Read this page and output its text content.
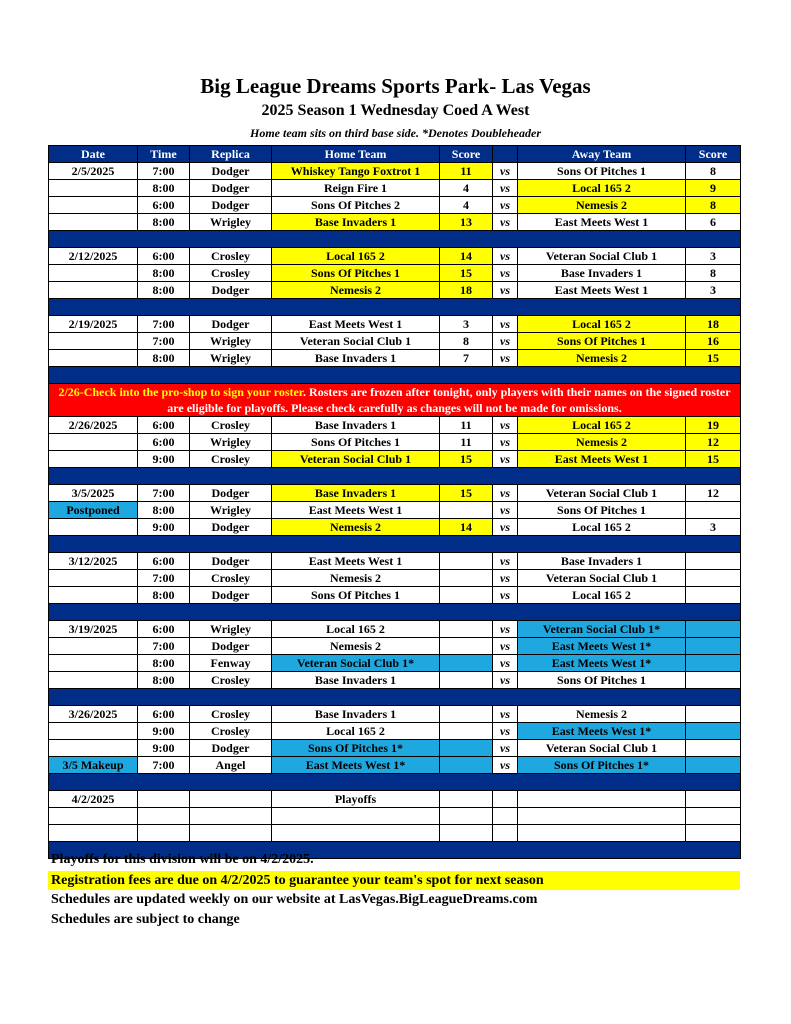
Big League Dreams Sports Park- Las Vegas
2025 Season 1 Wednesday Coed A West
Home team sits on third base side. *Denotes Doubleheader
Date	Time	Replica	Home Team	Score		Away Team	Score
2/5/2025	7:00	Dodger	Whiskey Tango Foxtrot 1	11	vs	Sons Of Pitches 1	8
	8:00	Dodger	Reign Fire 1	4	vs	Local 165 2	9
	6:00	Dodger	Sons Of Pitches 2	4	vs	Nemesis 2	8
	8:00	Wrigley	Base Invaders 1	13	vs	East Meets West 1	6

2/12/2025	6:00	Crosley	Local 165 2	14	vs	Veteran Social Club 1	3
	8:00	Crosley	Sons Of Pitches 1	15	vs	Base Invaders 1	8
	8:00	Dodger	Nemesis 2	18	vs	East Meets West 1	3

2/19/2025	7:00	Dodger	East Meets West 1	3	vs	Local 165 2	18
	7:00	Wrigley	Veteran Social Club 1	8	vs	Sons Of Pitches 1	16
	8:00	Wrigley	Base Invaders 1	7	vs	Nemesis 2	15

2/26-Check into the pro-shop to sign your roster. Rosters are frozen after tonight, only players with their names on the signed roster are eligible for playoffs. Please check carefully as changes will not be made for omissions.							
2/26/2025	6:00	Crosley	Base Invaders 1	11	vs	Local 165 2	19
	6:00	Wrigley	Sons Of Pitches 1	11	vs	Nemesis 2	12
	9:00	Crosley	Veteran Social Club 1	15	vs	East Meets West 1	15

3/5/2025	7:00	Dodger	Base Invaders 1	15	vs	Veteran Social Club 1	12
Postponed	8:00	Wrigley	East Meets West 1		vs	Sons Of Pitches 1	
	9:00	Dodger	Nemesis 2	14	vs	Local 165 2	3

3/12/2025	6:00	Dodger	East Meets West 1		vs	Base Invaders 1	
	7:00	Crosley	Nemesis 2		vs	Veteran Social Club 1	
	8:00	Dodger	Sons Of Pitches 1		vs	Local 165 2	

3/19/2025	6:00	Wrigley	Local 165 2		vs	Veteran Social Club 1*	
	7:00	Dodger	Nemesis 2		vs	East Meets West 1*	
	8:00	Fenway	Veteran Social Club 1*		vs	East Meets West 1*	
	8:00	Crosley	Base Invaders 1		vs	Sons Of Pitches 1	

3/26/2025	6:00	Crosley	Base Invaders 1		vs	Nemesis 2	
	9:00	Crosley	Local 165 2		vs	East Meets West 1*	
	9:00	Dodger	Sons Of Pitches 1*		vs	Veteran Social Club 1	
3/5 Makeup	7:00	Angel	East Meets West 1*		vs	Sons Of Pitches 1*	

4/2/2025			Playoffs				

Playoffs for this division will be on 4/2/2025.
Registration fees are due on 4/2/2025 to guarantee your team's spot for next season
Schedules are updated weekly on our website at LasVegas.BigLeagueDreams.com
Schedules are subject to change
